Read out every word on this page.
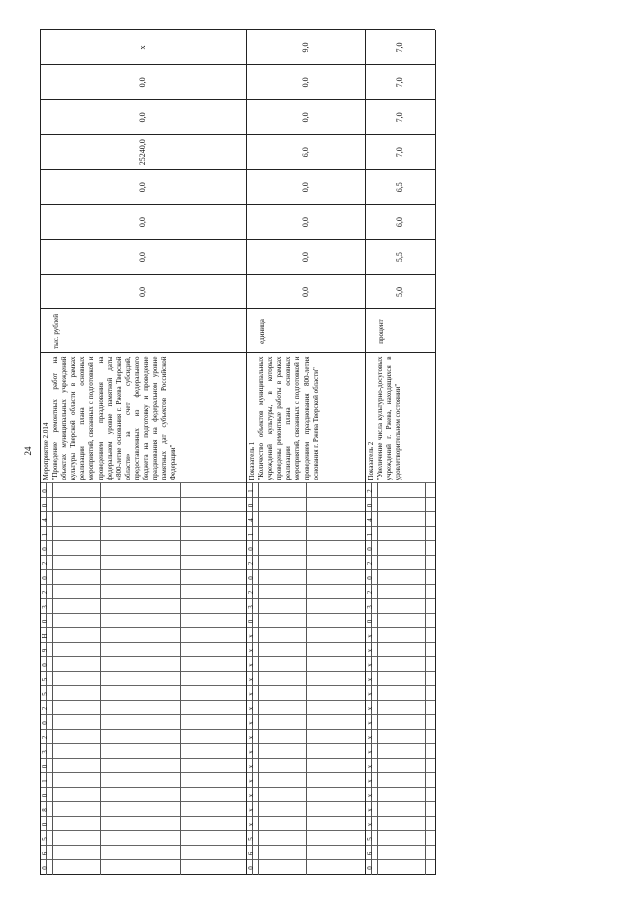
24
0
6
5
0
8
0
1
0
3
2
0
2
5
5
0
9
Н
0
3
2
0
2
0
1
4
0
0
Мероприятие 2.014 "Проведение ремонтных работ на объектах муниципальных учреждений культуры Тверской области в рамках реализации плана основных мероприятий, связанных с подготовкой и проведением празднования на федеральном уровне памятной даты «800-летие основания г. Ржева Тверской области» за счет субсидий, предоставленных из федерального бюджета на подготовку и проведение празднования на федеральном уровне памятных дат субъектов Российской Федерации"
тыс. рублей
0,0
0,0
0,0
0,0
25240,0
0,0
0,0
x
0
6
5
x
x
x
x
x
x
x
x
x
x
x
x
x
x
0
3
2
0
2
0
1
4
0
1
Показатель 1 "Количество объектов муниципальных учреждений культуры, в которых проведены ремонтные работы в рамках реализации плана основных мероприятий, связанных с подготовкой и проведением празднования 800-летия основания г. Ржева Тверской области"
единица
0,0
0,0
0,0
0,0
6,0
0,0
0,0
9,0
0
6
5
x
x
x
x
x
x
x
x
x
x
x
x
x
x
0
3
2
0
2
0
1
4
0
2
Показатель 2 "Увеличение числа культурно-досуговых учреждений г. Ржева, находящихся в удовлетворительном состоянии"
процент
5,0
5,5
6,0
6,5
7,0
7,0
7,0
7,0
